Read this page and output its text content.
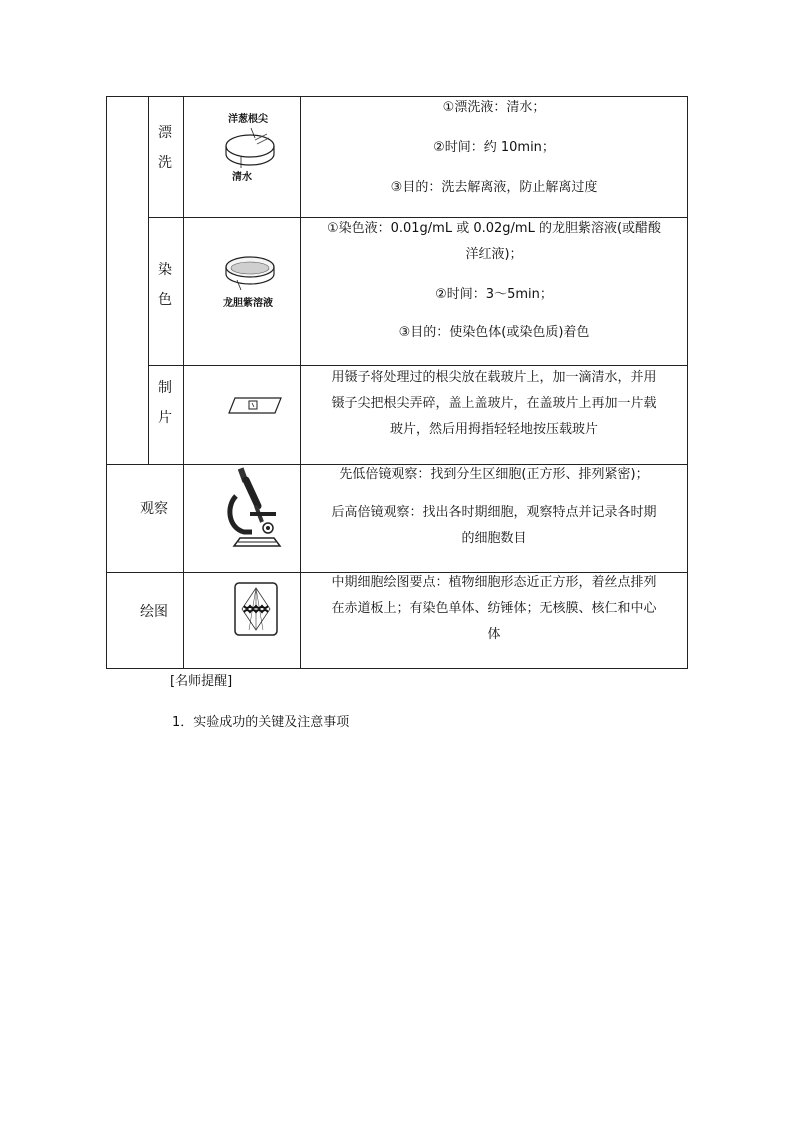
漂
洗
洋葱根尖
清水

①漂洗液：清水；

②时间：约 10min；

③目的：洗去解离液，防止解离过度

染
色	龙胆紫溶液

①染色液：0.01g/mL 或 0.02g/mL 的龙胆紫溶液(或醋酸

洋红液)；

②时间：3～5min；

③目的：使染色体(或染色质)着色

制
片

用镊子将处理过的根尖放在载玻片上，加一滴清水，并用

镊子尖把根尖弄碎，盖上盖玻片，在盖玻片上再加一片载

玻片，然后用拇指轻轻地按压载玻片

观察

先低倍镜观察：找到分生区细胞(正方形、排列紧密)；

后高倍镜观察：找出各时期细胞，观察特点并记录各时期

的细胞数目

绘图

中期细胞绘图要点：植物细胞形态近正方形，着丝点排列

在赤道板上；有染色单体、纺锤体；无核膜、核仁和中心

体

[名师提醒]
1．实验成功的关键及注意事项
